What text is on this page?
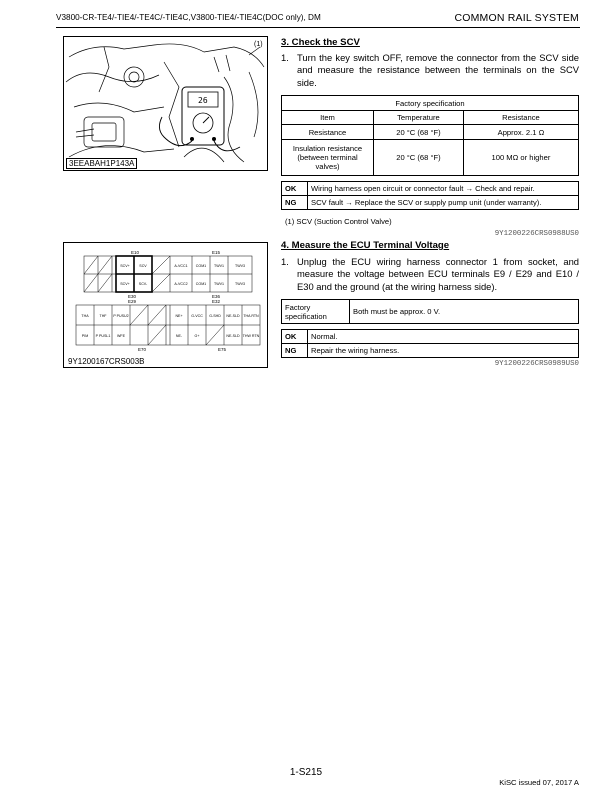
V3800-CR-TE4/-TIE4/-TE4C/-TIE4C,V3800-TIE4/-TIE4C(DOC only), DM	COMMON RAIL SYSTEM
26
(1)
3EEABAH1P143A
E10	E15
SCV+	SCV	A-VCC1 COM1 TWV1	TWV3
SCV+	SCV-	A-VCC2 COM1 TWV1	TWV3
E30
E29
E36
E32
THA	THF P PUSU2	NE+ G-VCC G-SHD NE-SLD THA RTN
PIM P PUSL1 WFE	NE-	G+	NE-SLD THW RTN
E70	E75
9Y1200167CRS003B
3. Check the SCV
1. Turn the key switch OFF, remove the connector from the SCV side and measure the resistance between the terminals on the SCV side.
Factory specification		
Item	Temperature	Resistance
Resistance	20 °C (68 °F)	Approx. 2.1 Ω
Insulation resistance (between terminal valves)	20 °C (68 °F)	100 MΩ or higher
OK	Wiring harness open circuit or connector fault → Check and repair.
NG	SCV fault → Replace the SCV or supply pump unit (under warranty).
(1) SCV (Suction Control Valve)
9Y1200226CRS0988US0
4. Measure the ECU Terminal Voltage
1. Unplug the ECU wiring harness connector 1 from socket, and measure the voltage between ECU terminals E9 / E29 and E10 / E30 and the ground (at the wiring harness side).
Factory specification	Both must be approx. 0 V.
OK	Normal.
NG	Repair the wiring harness.
9Y1200226CRS0989US0
1-S215
KiSC issued 07, 2017 A
